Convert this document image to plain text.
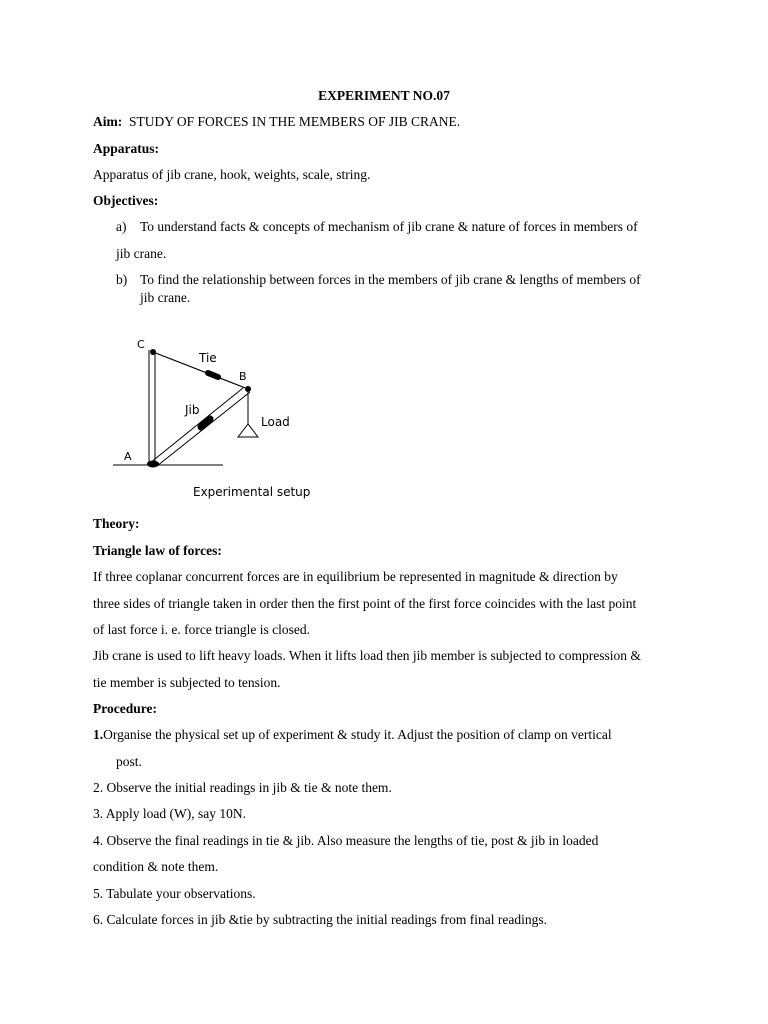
EXPERIMENT NO.07
Aim: STUDY OF FORCES IN THE MEMBERS OF JIB CRANE.
Apparatus:
Apparatus of jib crane, hook, weights, scale, string.
Objectives:
a) To understand facts & concepts of mechanism of jib crane & nature of forces in members of
jib crane.
b) To find the relationship between forces in the members of jib crane & lengths of members of
jib crane.
C
Tie
B
Jib
Load
A
Experimental setup
Theory:
Triangle law of forces:
If three coplanar concurrent forces are in equilibrium be represented in magnitude & direction by
three sides of triangle taken in order then the first point of the first force coincides with the last point
of last force i. e. force triangle is closed.
Jib crane is used to lift heavy loads. When it lifts load then jib member is subjected to compression &
tie member is subjected to tension.
Procedure:
1.Organise the physical set up of experiment & study it. Adjust the position of clamp on vertical
post.
2. Observe the initial readings in jib & tie & note them.
3. Apply load (W), say 10N.
4. Observe the final readings in tie & jib. Also measure the lengths of tie, post & jib in loaded
condition & note them.
5. Tabulate your observations.
6. Calculate forces in jib &tie by subtracting the initial readings from final readings.
